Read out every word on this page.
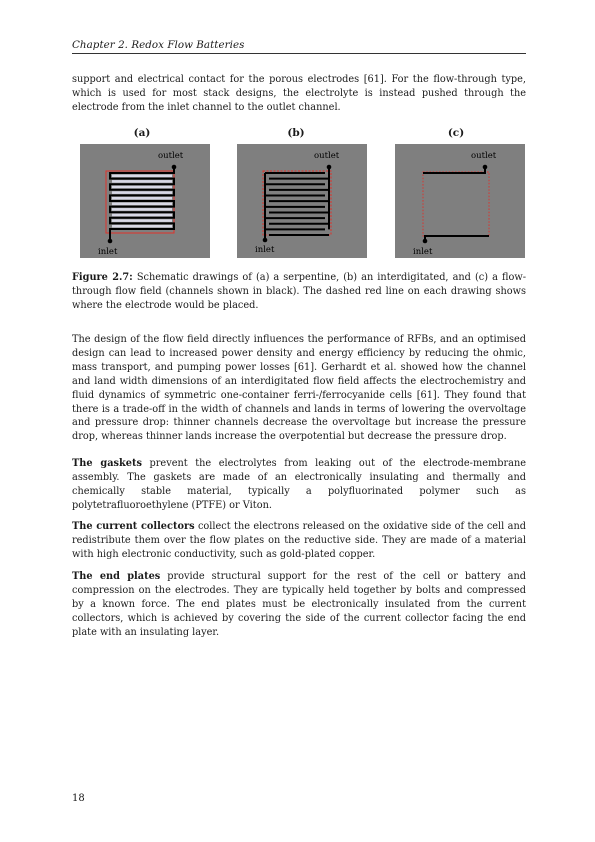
Chapter 2. Redox Flow Batteries

support and electrical contact for the porous electrodes [61]. For the flow-through type, which is used for most stack designs, the electrolyte is instead pushed through the electrode from the inlet channel to the outlet channel.

(a)	(b)	(c)
outlet
inlet
outlet
inlet
outlet
inlet
Figure 2.7: Schematic drawings of (a) a serpentine, (b) an interdigitated, and (c) a flow-through flow field (channels shown in black). The dashed red line on each drawing shows where the electrode would be placed.

The design of the flow field directly influences the performance of RFBs, and an optimised design can lead to increased power density and energy efficiency by reducing the ohmic, mass transport, and pumping power losses [61]. Gerhardt et al. showed how the channel and land width dimensions of an interdigitated flow field affects the electrochemistry and fluid dynamics of symmetric one-container ferri-/ferrocyanide cells [61]. They found that there is a trade-off in the width of channels and lands in terms of lowering the overvoltage and pressure drop: thinner channels decrease the overvoltage but increase the pressure drop, whereas thinner lands increase the overpotential but decrease the pressure drop.

The gaskets prevent the electrolytes from leaking out of the electrode-membrane assembly. The gaskets are made of an electronically insulating and thermally and chemically stable material, typically a polyfluorinated polymer such as polytetrafluoroethylene (PTFE) or Viton.

The current collectors collect the electrons released on the oxidative side of the cell and redistribute them over the flow plates on the reductive side. They are made of a material with high electronic conductivity, such as gold-plated copper.

The end plates provide structural support for the rest of the cell or battery and compression on the electrodes. They are typically held together by bolts and compressed by a known force. The end plates must be electronically insulated from the current collectors, which is achieved by covering the side of the current collector facing the end plate with an insulating layer.

18
